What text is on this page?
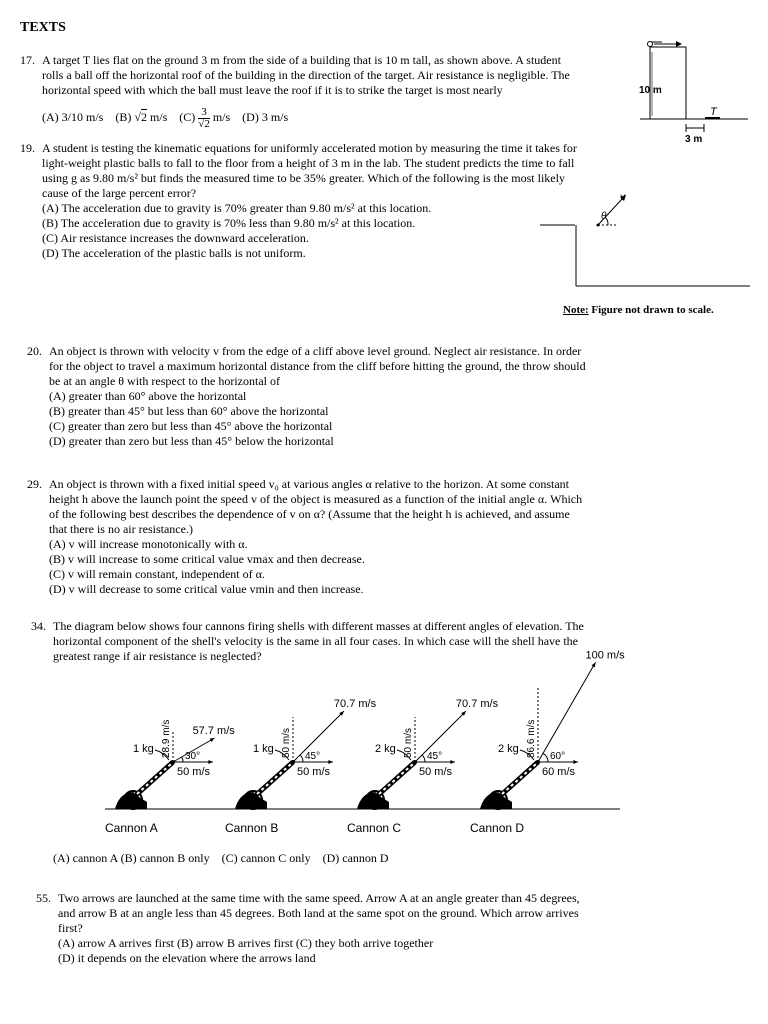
TEXTS
17. A target T lies flat on the ground 3 m from the side of a building that is 10 m tall, as shown above. A student
rolls a ball off the horizontal roof of the building in the direction of the target. Air resistance is negligible. The
horizontal speed with which the ball must leave the roof if it is to strike the target is most nearly
(A) 3/10 m/s (B) √2 m/s $(C) \frac{3}{√2} m/s$ (D) 3 m/s
10 m
3 m
T
19. A student is testing the kinematic equations for uniformly accelerated motion by measuring the time it takes for
light-weight plastic balls to fall to the floor from a height of 3 m in the lab. The student predicts the time to fall
using g as 9.80 m/s² but finds the measured time to be 35% greater. Which of the following is the most likely
cause of the large percent error?
(A) The acceleration due to gravity is 70% greater than 9.80 m/s² at this location.
(B) The acceleration due to gravity is 70% less than 9.80 m/s² at this location.
(C) Air resistance increases the downward acceleration.
(D) The acceleration of the plastic balls is not uniform.
v
θ
Note: Figure not drawn to scale.
20. An object is thrown with velocity v from the edge of a cliff above level ground. Neglect air resistance. In order
for the object to travel a maximum horizontal distance from the cliff before hitting the ground, the throw should
be at an angle θ with respect to the horizontal of
(A) greater than 60° above the horizontal
(B) greater than 45° but less than 60° above the horizontal
(C) greater than zero but less than 45° above the horizontal
(D) greater than zero but less than 45° below the horizontal
29. An object is thrown with a fixed initial speed v₀ at various angles α relative to the horizon. At some constant
height h above the launch point the speed v of the object is measured as a function of the initial angle α. Which
of the following best describes the dependence of v on α? (Assume that the height h is achieved, and assume
that there is no air resistance.)
(A) v will increase monotonically with α.
(B) v will increase to some critical value vmax and then decrease.
(C) v will remain constant, independent of α.
(D) v will decrease to some critical value vmin and then increase.
34. The diagram below shows four cannons firing shells with different masses at different angles of elevation. The
horizontal component of the shell's velocity is the same in all four cases. In which case will the shell have the
greatest range if air resistance is neglected?
50 m/s
28.9 m/s 57.7 m/s
30°
1 kg
Cannon A
50 m/s
50 m/s
70.7 m/s
45°
1 kg
Cannon B
50 m/s
50 m/s
70.7 m/s
45°
2 kg
Cannon C
60 m/s
86.6 m/s
100 m/s
60°
2 kg
Cannon D
(A) cannon A (B) cannon B only    (C) cannon C only    (D) cannon D
55. Two arrows are launched at the same time with the same speed. Arrow A at an angle greater than 45 degrees,
and arrow B at an angle less than 45 degrees. Both land at the same spot on the ground. Which arrow arrives
first?
(A) arrow A arrives first (B) arrow B arrives first (C) they both arrive together
(D) it depends on the elevation where the arrows land
